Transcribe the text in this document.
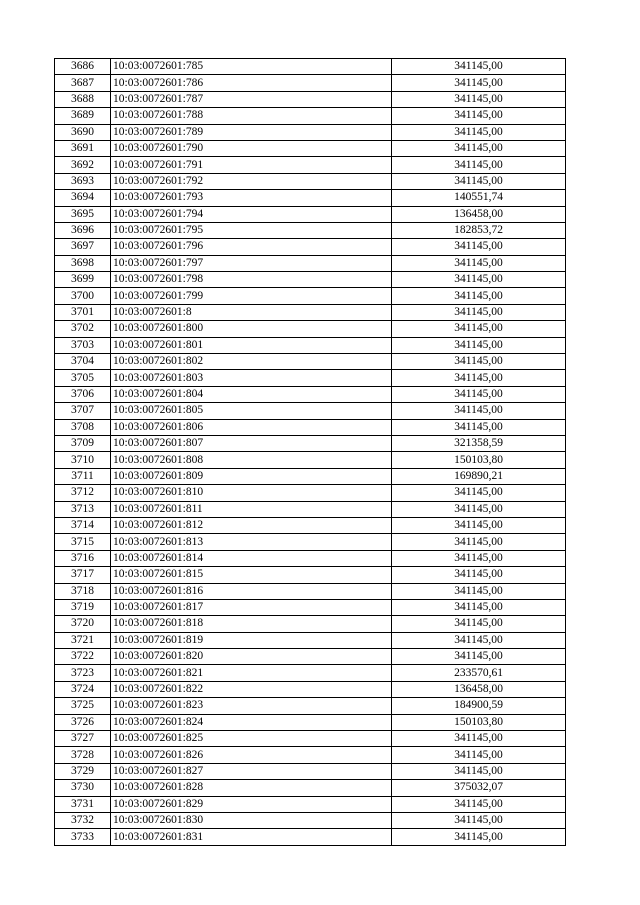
3686	10:03:0072601:785	341145,00
3687	10:03:0072601:786	341145,00
3688	10:03:0072601:787	341145,00
3689	10:03:0072601:788	341145,00
3690	10:03:0072601:789	341145,00
3691	10:03:0072601:790	341145,00
3692	10:03:0072601:791	341145,00
3693	10:03:0072601:792	341145,00
3694	10:03:0072601:793	140551,74
3695	10:03:0072601:794	136458,00
3696	10:03:0072601:795	182853,72
3697	10:03:0072601:796	341145,00
3698	10:03:0072601:797	341145,00
3699	10:03:0072601:798	341145,00
3700	10:03:0072601:799	341145,00
3701	10:03:0072601:8	341145,00
3702	10:03:0072601:800	341145,00
3703	10:03:0072601:801	341145,00
3704	10:03:0072601:802	341145,00
3705	10:03:0072601:803	341145,00
3706	10:03:0072601:804	341145,00
3707	10:03:0072601:805	341145,00
3708	10:03:0072601:806	341145,00
3709	10:03:0072601:807	321358,59
3710	10:03:0072601:808	150103,80
3711	10:03:0072601:809	169890,21
3712	10:03:0072601:810	341145,00
3713	10:03:0072601:811	341145,00
3714	10:03:0072601:812	341145,00
3715	10:03:0072601:813	341145,00
3716	10:03:0072601:814	341145,00
3717	10:03:0072601:815	341145,00
3718	10:03:0072601:816	341145,00
3719	10:03:0072601:817	341145,00
3720	10:03:0072601:818	341145,00
3721	10:03:0072601:819	341145,00
3722	10:03:0072601:820	341145,00
3723	10:03:0072601:821	233570,61
3724	10:03:0072601:822	136458,00
3725	10:03:0072601:823	184900,59
3726	10:03:0072601:824	150103,80
3727	10:03:0072601:825	341145,00
3728	10:03:0072601:826	341145,00
3729	10:03:0072601:827	341145,00
3730	10:03:0072601:828	375032,07
3731	10:03:0072601:829	341145,00
3732	10:03:0072601:830	341145,00
3733	10:03:0072601:831	341145,00
